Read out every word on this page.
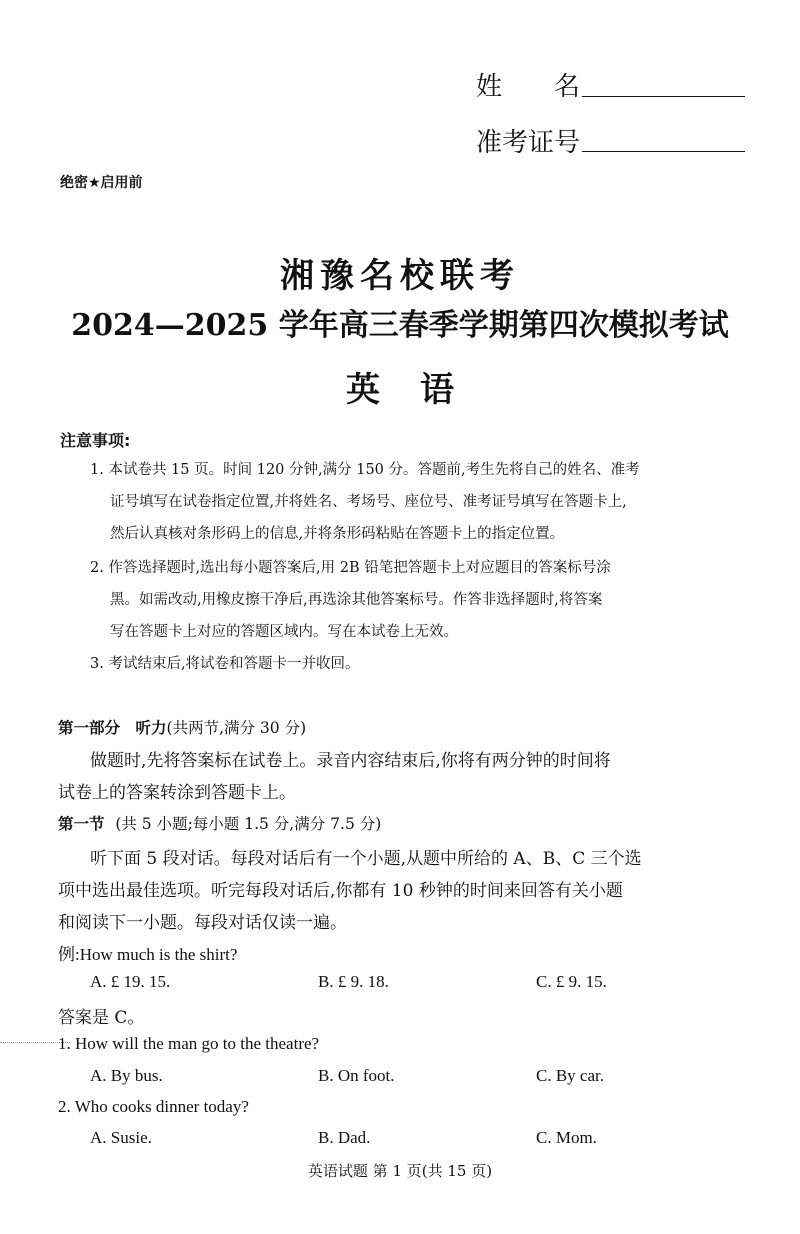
姓　　名
准考证号
绝密★启用前
湘豫名校联考
2024—2025 学年高三春季学期第四次模拟考试
英语
注意事项:
1. 本试卷共 15 页。时间 120 分钟,满分 150 分。答题前,考生先将自己的姓名、准考
证号填写在试卷指定位置,并将姓名、考场号、座位号、准考证号填写在答题卡上,
然后认真核对条形码上的信息,并将条形码粘贴在答题卡上的指定位置。
2. 作答选择题时,选出每小题答案后,用 2B 铅笔把答题卡上对应题目的答案标号涂
黑。如需改动,用橡皮擦干净后,再选涂其他答案标号。作答非选择题时,将答案
写在答题卡上对应的答题区域内。写在本试卷上无效。
3. 考试结束后,将试卷和答题卡一并收回。
第一部分　听力(共两节,满分 30 分)
做题时,先将答案标在试卷上。录音内容结束后,你将有两分钟的时间将
试卷上的答案转涂到答题卡上。
第一节 (共 5 小题;每小题 1.5 分,满分 7.5 分)
听下面 5 段对话。每段对话后有一个小题,从题中所给的 A、B、C 三个选
项中选出最佳选项。听完每段对话后,你都有 10 秒钟的时间来回答有关小题
和阅读下一小题。每段对话仅读一遍。
例:How much is the shirt?
A. £ 19. 15.	B. £ 9. 18.	C. £ 9. 15.
答案是 C。
1. How will the man go to the theatre?
A. By bus.	B. On foot.	C. By car.
2. Who cooks dinner today?
A. Susie.	B. Dad.	C. Mom.
英语试题 第 1 页(共 15 页)
